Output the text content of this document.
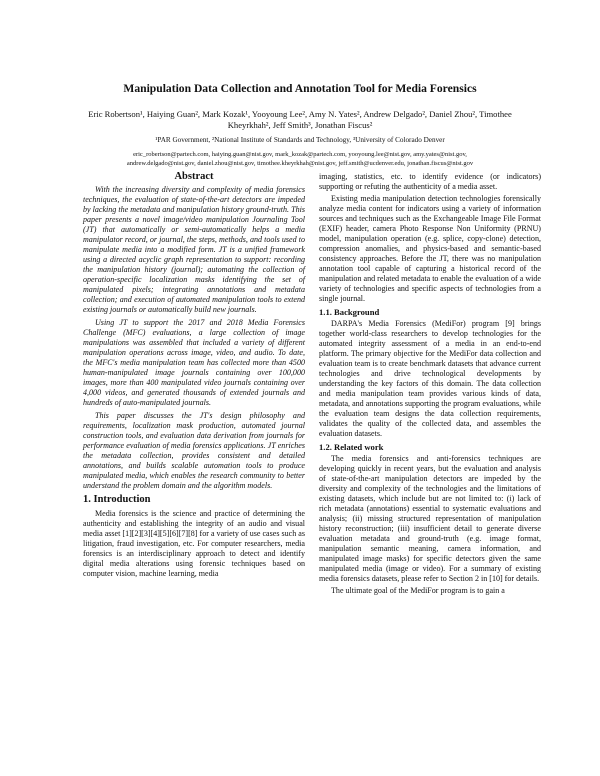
Manipulation Data Collection and Annotation Tool for Media Forensics
Eric Robertson¹, Haiying Guan², Mark Kozak¹, Yooyoung Lee², Amy N. Yates², Andrew Delgado², Daniel Zhou², Timothee
Kheyrkhah², Jeff Smith³, Jonathan Fiscus²
¹PAR Government, ²National Institute of Standards and Technology, ³University of Colorado Denver
eric_robertson@partech.com, haiying.guan@nist.gov, mark_kozak@partech.com, yooyoung.lee@nist.gov, amy.yates@nist.gov,
andrew.delgado@nist.gov, daniel.zhou@nist.gov, timothee.kheyrkhah@nist.gov, jeff.smith@ucdenver.edu, jonathan.fiscus@nist.gov
Abstract

With the increasing diversity and complexity of media forensics techniques, the evaluation of state-of-the-art detectors are impeded by lacking the metadata and manipulation history ground-truth. This paper presents a novel image/video manipulation Journaling Tool (JT) that automatically or semi-automatically helps a media manipulator record, or journal, the steps, methods, and tools used to manipulate media into a modified form. JT is a unified framework using a directed acyclic graph representation to support: recording the manipulation history (journal); automating the collection of operation-specific localization masks identifying the set of manipulated pixels; integrating annotations and metadata collection; and execution of automated manipulation tools to extend existing journals or automatically build new journals.

Using JT to support the 2017 and 2018 Media Forensics Challenge (MFC) evaluations, a large collection of image manipulations was assembled that included a variety of different manipulation operations across image, video, and audio. To date, the MFC's media manipulation team has collected more than 4500 human-manipulated image journals containing over 100,000 images, more than 400 manipulated video journals containing over 4,000 videos, and generated thousands of extended journals and hundreds of auto-manipulated journals.

This paper discusses the JT's design philosophy and requirements, localization mask production, automated journal construction tools, and evaluation data derivation from journals for performance evaluation of media forensics applications. JT enriches the metadata collection, provides consistent and detailed annotations, and builds scalable automation tools to produce manipulated media, which enables the research community to better understand the problem domain and the algorithm models.

1. Introduction

Media forensics is the science and practice of determining the authenticity and establishing the integrity of an audio and visual media asset [1][2][3][4][5][6][7][8] for a variety of use cases such as litigation, fraud investigation, etc. For computer researchers, media forensics is an interdisciplinary approach to detect and identify digital media alterations using forensic techniques based on computer vision, machine learning, media

imaging, statistics, etc. to identify evidence (or indicators) supporting or refuting the authenticity of a media asset.

Existing media manipulation detection technologies forensically analyze media content for indicators using a variety of information sources and techniques such as the Exchangeable Image File Format (EXIF) header, camera Photo Response Non Uniformity (PRNU) model, manipulation operation (e.g. splice, copy-clone) detection, compression anomalies, and physics-based and semantic-based consistency approaches. Before the JT, there was no manipulation annotation tool capable of capturing a historical record of the manipulation and related metadata to enable the evaluation of a wide variety of technologies and specific aspects of technologies from a single journal.

1.1. Background

DARPA's Media Forensics (MediFor) program [9] brings together world-class researchers to develop technologies for the automated integrity assessment of a media in an end-to-end platform. The primary objective for the MediFor data collection and evaluation team is to create benchmark datasets that advance current technologies and drive technological developments by understanding the key factors of this domain. The data collection and media manipulation team provides various kinds of data, metadata, and annotations supporting the program evaluations, while the evaluation team designs the data collection requirements, validates the quality of the collected data, and assembles the evaluation datasets.

1.2. Related work

The media forensics and anti-forensics techniques are developing quickly in recent years, but the evaluation and analysis of state-of-the-art manipulation detectors are impeded by the diversity and complexity of the technologies and the limitations of existing datasets, which include but are not limited to: (i) lack of rich metadata (annotations) essential to systematic evaluations and analysis; (ii) missing structured representation of manipulation history reconstruction; (iii) insufficient detail to generate diverse evaluation metadata and ground-truth (e.g. image format, manipulation semantic meaning, camera information, and manipulated image masks) for specific detectors given the same manipulated media (image or video). For a summary of existing media forensics datasets, please refer to Section 2 in [10] for details.

The ultimate goal of the MediFor program is to gain a
